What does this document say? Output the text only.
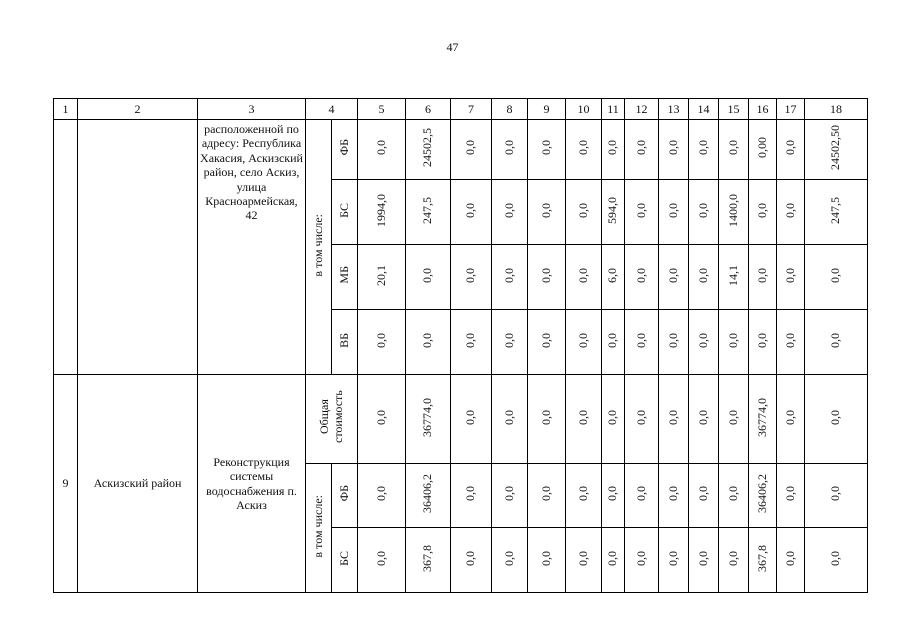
47
1	2	3	4		5	6	7	8	9	10	11	12	13	14	15	16	17	18
		расположенной по адресу: Республика Хакасия, Аскизский район, село Аскиз, улица Красноармейская, 42	в том числе:	ФБ	0,0	24502,5	0,0	0,0	0,0	0,0	0,0	0,0	0,0	0,0	0,0	0,00	0,0	24502,50
				БС	1994,0	247,5	0,0	0,0	0,0	0,0	594,0	0,0	0,0	0,0	1400,0	0,0	0,0	247,5
				МБ	20,1	0,0	0,0	0,0	0,0	0,0	6,0	0,0	0,0	0,0	14,1	0,0	0,0	0,0
				ВБ	0,0	0,0	0,0	0,0	0,0	0,0	0,0	0,0	0,0	0,0	0,0	0,0	0,0	0,0
9	Аскизский район	Реконструкция системы водоснабжения п. Аскиз	Общая стоимость		0,0	36774,0	0,0	0,0	0,0	0,0	0,0	0,0	0,0	0,0	0,0	36774,0	0,0	0,0
			в том числе:	ФБ	0,0	36406,2	0,0	0,0	0,0	0,0	0,0	0,0	0,0	0,0	0,0	36406,2	0,0	0,0
				БС	0,0	367,8	0,0	0,0	0,0	0,0	0,0	0,0	0,0	0,0	0,0	367,8	0,0	0,0
